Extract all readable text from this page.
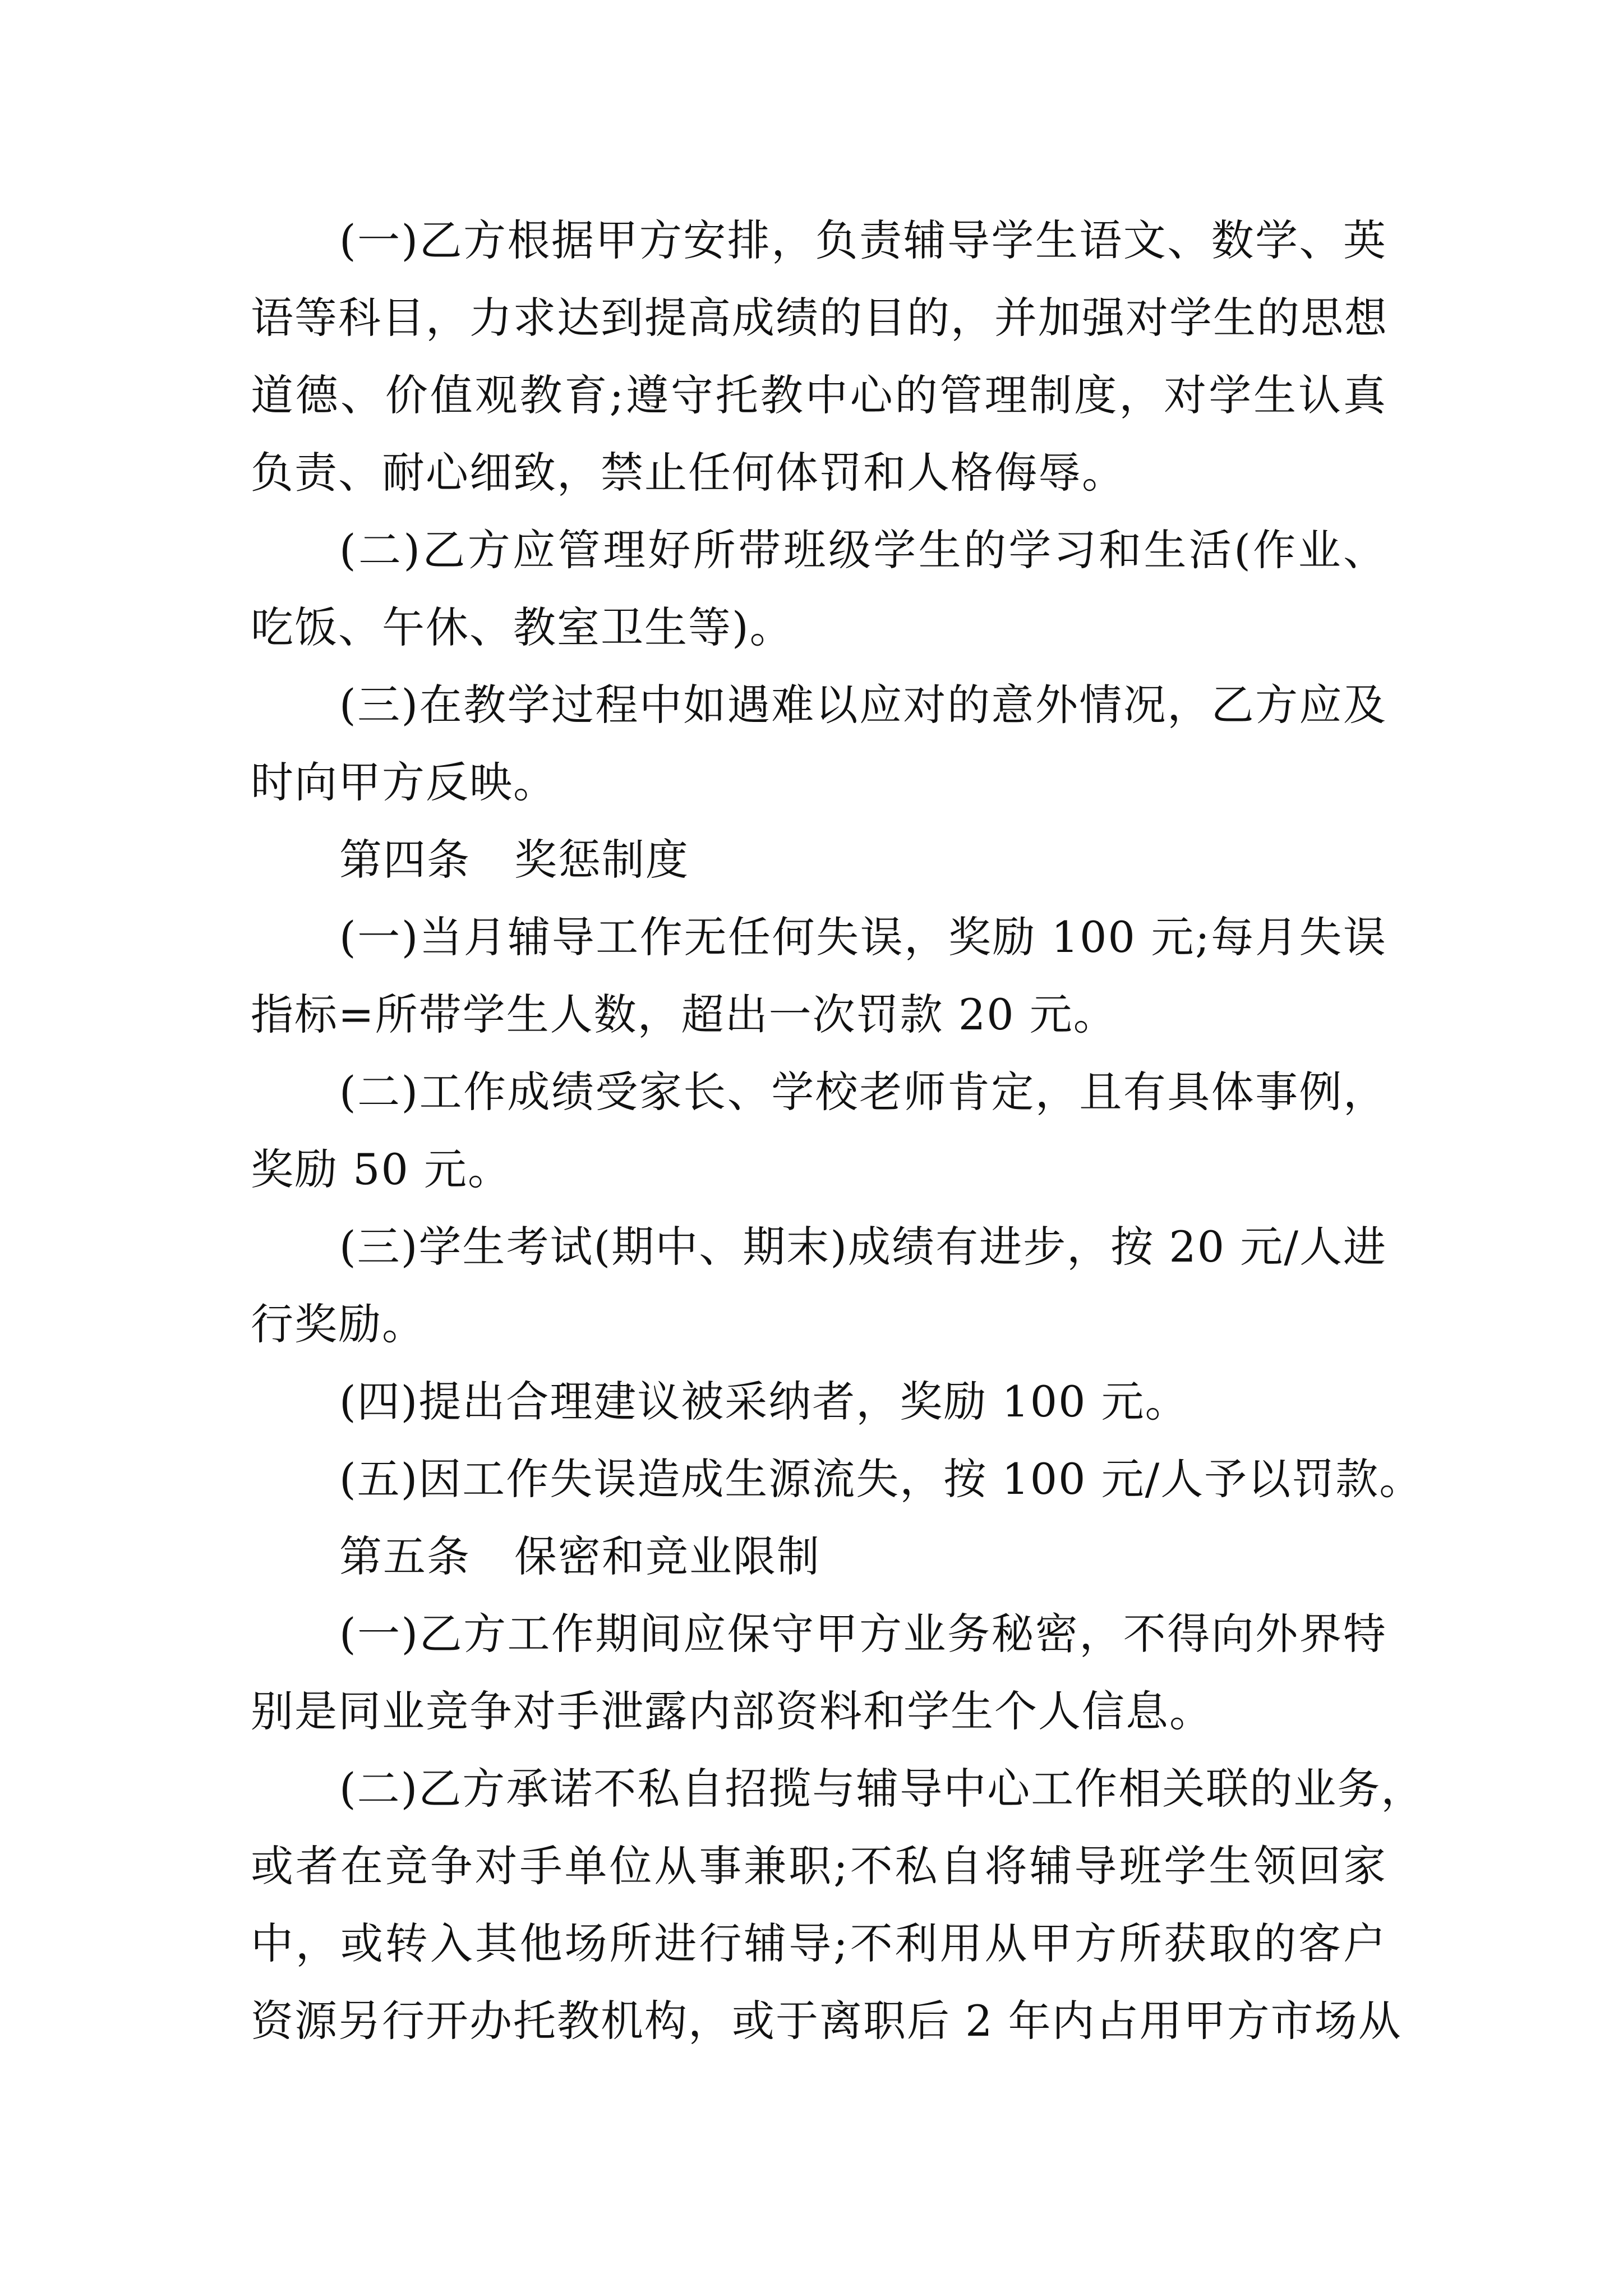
(一)乙方根据甲方安排，负责辅导学生语文、数学、英
语等科目，力求达到提高成绩的目的，并加强对学生的思想
道德、价值观教育;遵守托教中心的管理制度，对学生认真
负责、耐心细致，禁止任何体罚和人格侮辱。
(二)乙方应管理好所带班级学生的学习和生活(作业、
吃饭、午休、教室卫生等)。
(三)在教学过程中如遇难以应对的意外情况，乙方应及
时向甲方反映。
第四条　奖惩制度
(一)当月辅导工作无任何失误，奖励 100 元;每月失误
指标=所带学生人数，超出一次罚款 20 元。
(二)工作成绩受家长、学校老师肯定，且有具体事例，
奖励 50 元。
(三)学生考试(期中、期末)成绩有进步，按 20 元/人进
行奖励。
(四)提出合理建议被采纳者，奖励 100 元。
(五)因工作失误造成生源流失，按 100 元/人予以罚款。
第五条　保密和竞业限制
(一)乙方工作期间应保守甲方业务秘密，不得向外界特
别是同业竞争对手泄露内部资料和学生个人信息。
(二)乙方承诺不私自招揽与辅导中心工作相关联的业务，
或者在竞争对手单位从事兼职;不私自将辅导班学生领回家
中，或转入其他场所进行辅导;不利用从甲方所获取的客户
资源另行开办托教机构，或于离职后 2 年内占用甲方市场从
